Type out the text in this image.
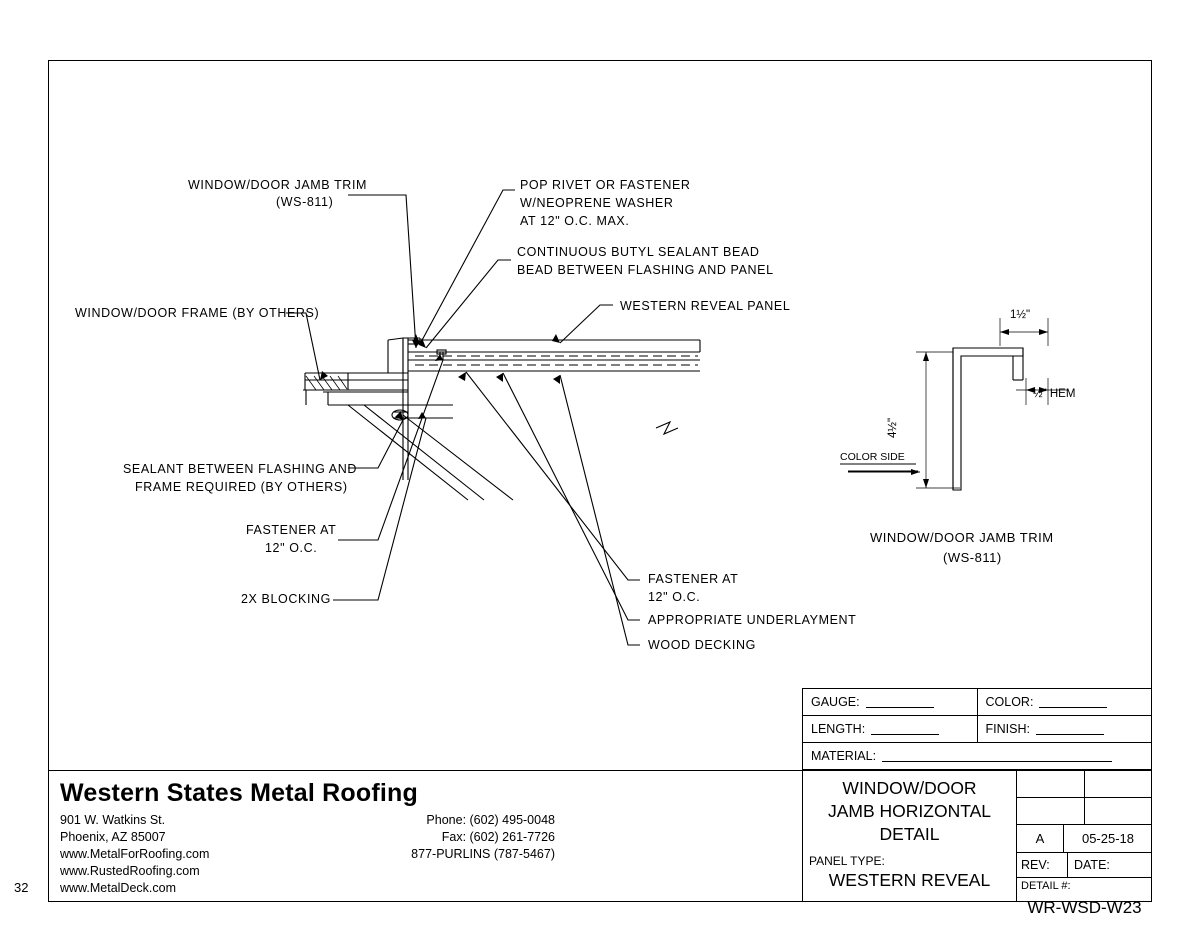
32
WINDOW/DOOR JAMB TRIM
(WS-811)
POP RIVET OR FASTENER
W/NEOPRENE WASHER
AT 12" O.C. MAX.
CONTINUOUS BUTYL SEALANT BEAD
BEAD BETWEEN FLASHING AND PANEL
WESTERN REVEAL PANEL
WINDOW/DOOR FRAME (BY OTHERS)
SEALANT BETWEEN FLASHING AND
FRAME REQUIRED (BY OTHERS)
FASTENER AT
12" O.C.
2X BLOCKING
FASTENER AT
12" O.C.
APPROPRIATE UNDERLAYMENT
WOOD DECKING
1½"
½" HEM
4½"
COLOR SIDE
WINDOW/DOOR JAMB TRIM
(WS-811)
GAUGE:	COLOR:
LENGTH:	FINISH:
MATERIAL:
Western States Metal Roofing
901 W. Watkins St.
Phoenix, AZ 85007
www.MetalForRoofing.com
www.RustedRoofing.com
www.MetalDeck.com
Phone: (602) 495-0048
Fax: (602) 261-7726
877-PURLINS (787-5467)
WINDOW/DOOR
JAMB HORIZONTAL
DETAIL
PANEL TYPE:
WESTERN REVEAL
A	05-25-18
REV:	DATE:
DETAIL #:
WR-WSD-W23
